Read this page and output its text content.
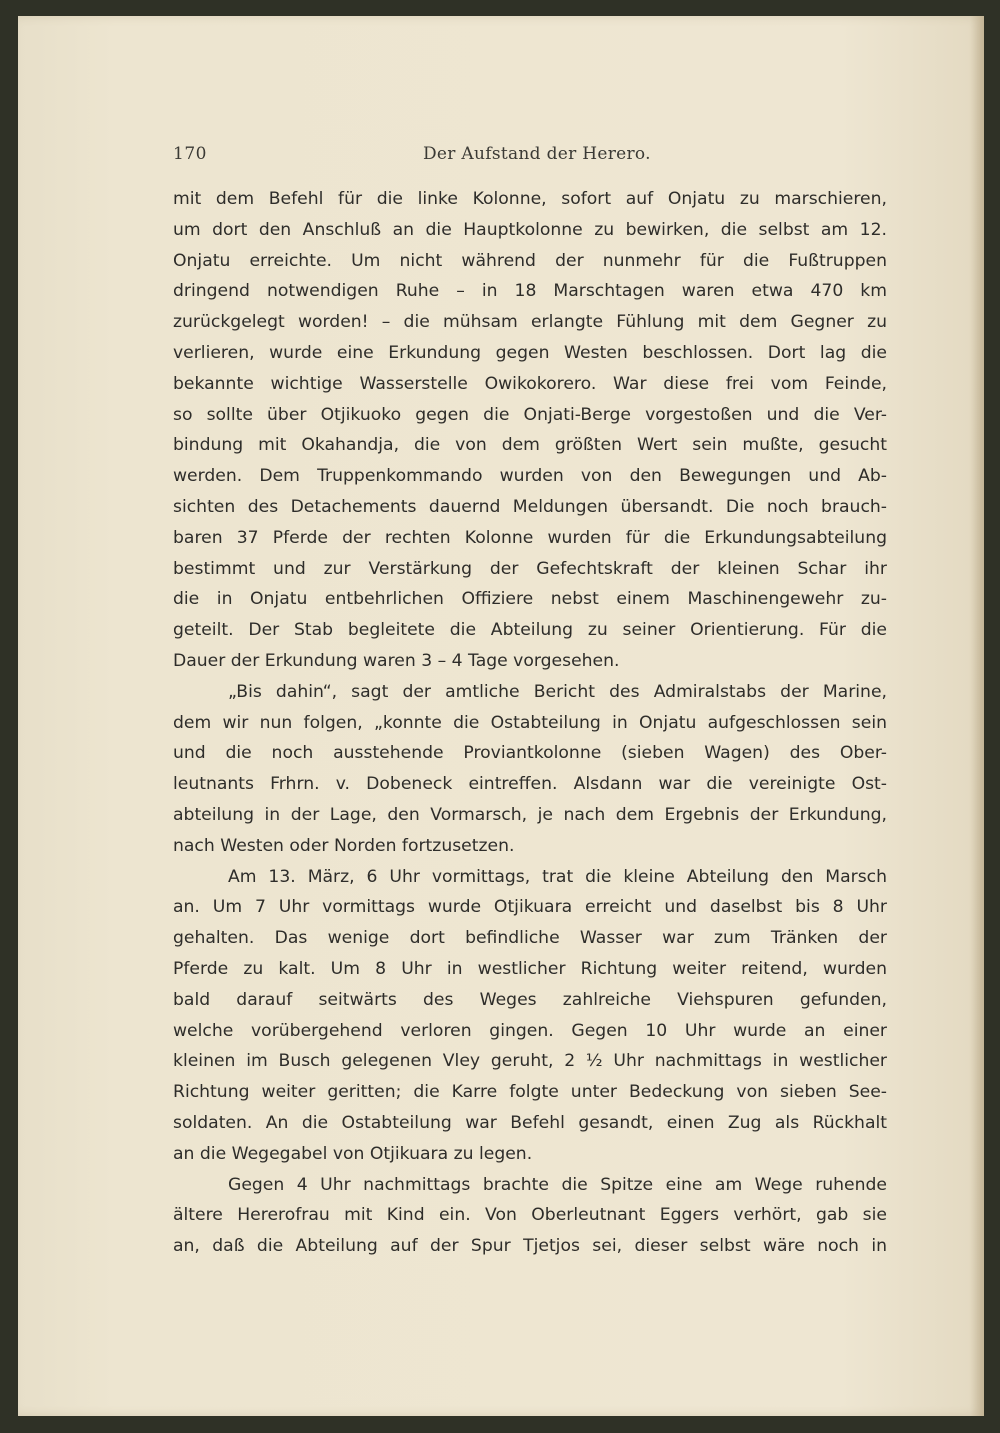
170	Der Aufstand der Herero.
mit dem Befehl für die linke Kolonne, sofort auf Onjatu zu marschieren,
um dort den Anschluß an die Hauptkolonne zu bewirken, die selbst am 12.
Onjatu erreichte. Um nicht während der nunmehr für die Fußtruppen
dringend notwendigen Ruhe – in 18 Marschtagen waren etwa 470 km
zurückgelegt worden! – die mühsam erlangte Fühlung mit dem Gegner zu
verlieren, wurde eine Erkundung gegen Westen beschlossen. Dort lag die
bekannte wichtige Wasserstelle Owikokorero. War diese frei vom Feinde,
so sollte über Otjikuoko gegen die Onjati-Berge vorgestoßen und die Ver-
bindung mit Okahandja, die von dem größten Wert sein mußte, gesucht
werden. Dem Truppenkommando wurden von den Bewegungen und Ab-
sichten des Detachements dauernd Meldungen übersandt. Die noch brauch-
baren 37 Pferde der rechten Kolonne wurden für die Erkundungsabteilung
bestimmt und zur Verstärkung der Gefechtskraft der kleinen Schar ihr
die in Onjatu entbehrlichen Offiziere nebst einem Maschinengewehr zu-
geteilt. Der Stab begleitete die Abteilung zu seiner Orientierung. Für die
Dauer der Erkundung waren 3 – 4 Tage vorgesehen.
„Bis dahin“, sagt der amtliche Bericht des Admiralstabs der Marine,
dem wir nun folgen, „konnte die Ostabteilung in Onjatu aufgeschlossen sein
und die noch ausstehende Proviantkolonne (sieben Wagen) des Ober-
leutnants Frhrn. v. Dobeneck eintreffen. Alsdann war die vereinigte Ost-
abteilung in der Lage, den Vormarsch, je nach dem Ergebnis der Erkundung,
nach Westen oder Norden fortzusetzen.
Am 13. März, 6 Uhr vormittags, trat die kleine Abteilung den Marsch
an. Um 7 Uhr vormittags wurde Otjikuara erreicht und daselbst bis 8 Uhr
gehalten. Das wenige dort befindliche Wasser war zum Tränken der
Pferde zu kalt. Um 8 Uhr in westlicher Richtung weiter reitend, wurden
bald darauf seitwärts des Weges zahlreiche Viehspuren gefunden,
welche vorübergehend verloren gingen. Gegen 10 Uhr wurde an einer
kleinen im Busch gelegenen Vley geruht, 2 ½ Uhr nachmittags in westlicher
Richtung weiter geritten; die Karre folgte unter Bedeckung von sieben See-
soldaten. An die Ostabteilung war Befehl gesandt, einen Zug als Rückhalt
an die Wegegabel von Otjikuara zu legen.
Gegen 4 Uhr nachmittags brachte die Spitze eine am Wege ruhende
ältere Hererofrau mit Kind ein. Von Oberleutnant Eggers verhört, gab sie
an, daß die Abteilung auf der Spur Tjetjos sei, dieser selbst wäre noch in
